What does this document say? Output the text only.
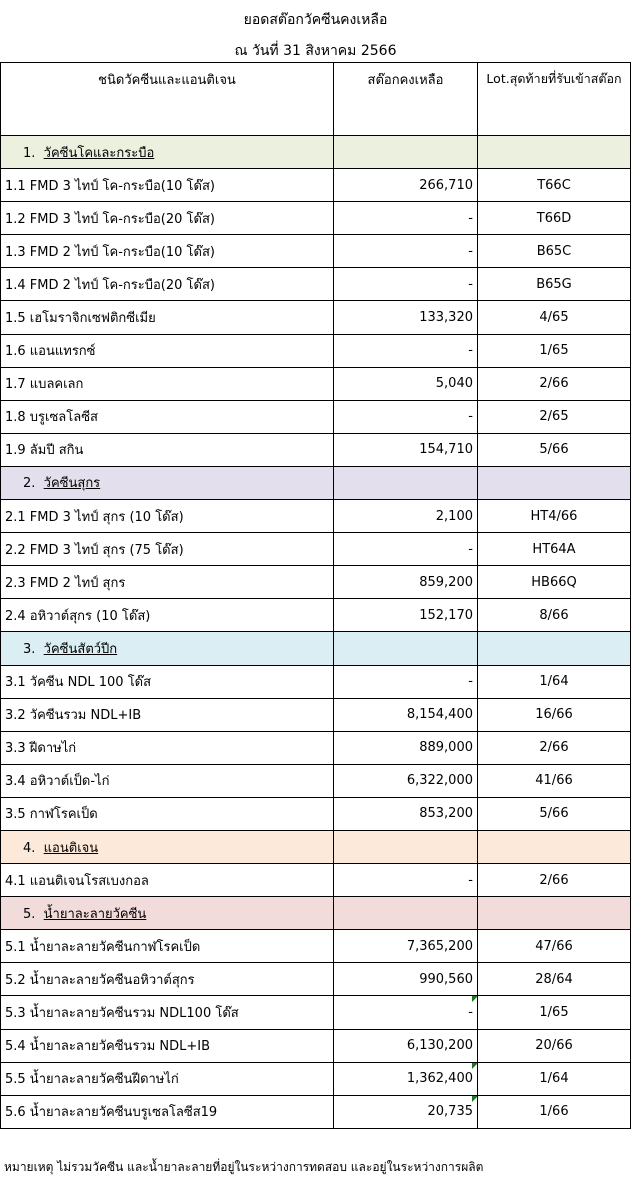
ยอดสต๊อกวัคซีนคงเหลือ
ณ วันที่ 31 สิงหาคม 2566
ชนิดวัคซีนและแอนติเจน	สต๊อกคงเหลือ	Lot.สุดท้ายที่รับเข้าสต๊อก
1. วัคซีนโคและกระบือ		
1.1 FMD 3 ไทป์ โค-กระบือ(10 โด๊ส)	266,710	T66C
1.2 FMD 3 ไทป์ โค-กระบือ(20 โด๊ส)	-	T66D
1.3 FMD 2 ไทป์ โค-กระบือ(10 โด๊ส)	-	B65C
1.4 FMD 2 ไทป์ โค-กระบือ(20 โด๊ส)	-	B65G
1.5 เฮโมราจิกเซฟติกซีเมีย	133,320	4/65
1.6 แอนแทรกซ์	-	1/65
1.7 แบลคเลก	5,040	2/66
1.8 บรูเซลโลซีส	-	2/65
1.9 ลัมปี สกิน	154,710	5/66
2. วัคซีนสุกร		
2.1 FMD 3 ไทป์ สุกร (10 โด๊ส)	2,100	HT4/66
2.2 FMD 3 ไทป์ สุกร (75 โด๊ส)	-	HT64A
2.3 FMD 2 ไทป์ สุกร	859,200	HB66Q
2.4 อหิวาต์สุกร (10 โด๊ส)	152,170	8/66
3. วัคซีนสัตว์ปีก		
3.1 วัคซีน NDL 100 โด๊ส	-	1/64
3.2 วัคซีนรวม NDL+IB	8,154,400	16/66
3.3 ฝีดาษไก่	889,000	2/66
3.4 อหิวาต์เป็ด-ไก่	6,322,000	41/66
3.5 กาฬโรคเป็ด	853,200	5/66
4. แอนติเจน		
4.1 แอนติเจนโรสเบงกอล	-	2/66
5. น้ำยาละลายวัคซีน		
5.1 น้ำยาละลายวัคซีนกาฬโรคเป็ด	7,365,200	47/66
5.2 น้ำยาละลายวัคซีนอหิวาต์สุกร	990,560	28/64
5.3 น้ำยาละลายวัคซีนรวม NDL100 โด๊ส	-	1/65
5.4 น้ำยาละลายวัคซีนรวม NDL+IB	6,130,200	20/66
5.5 น้ำยาละลายวัคซีนฝีดาษไก่	1,362,400	1/64
5.6 น้ำยาละลายวัคซีนบรูเซลโลซีส19	20,735	1/66
หมายเหตุ ไม่รวมวัคซีน และน้ำยาละลายที่อยู่ในระหว่างการทดสอบ และอยู่ในระหว่างการผลิต
